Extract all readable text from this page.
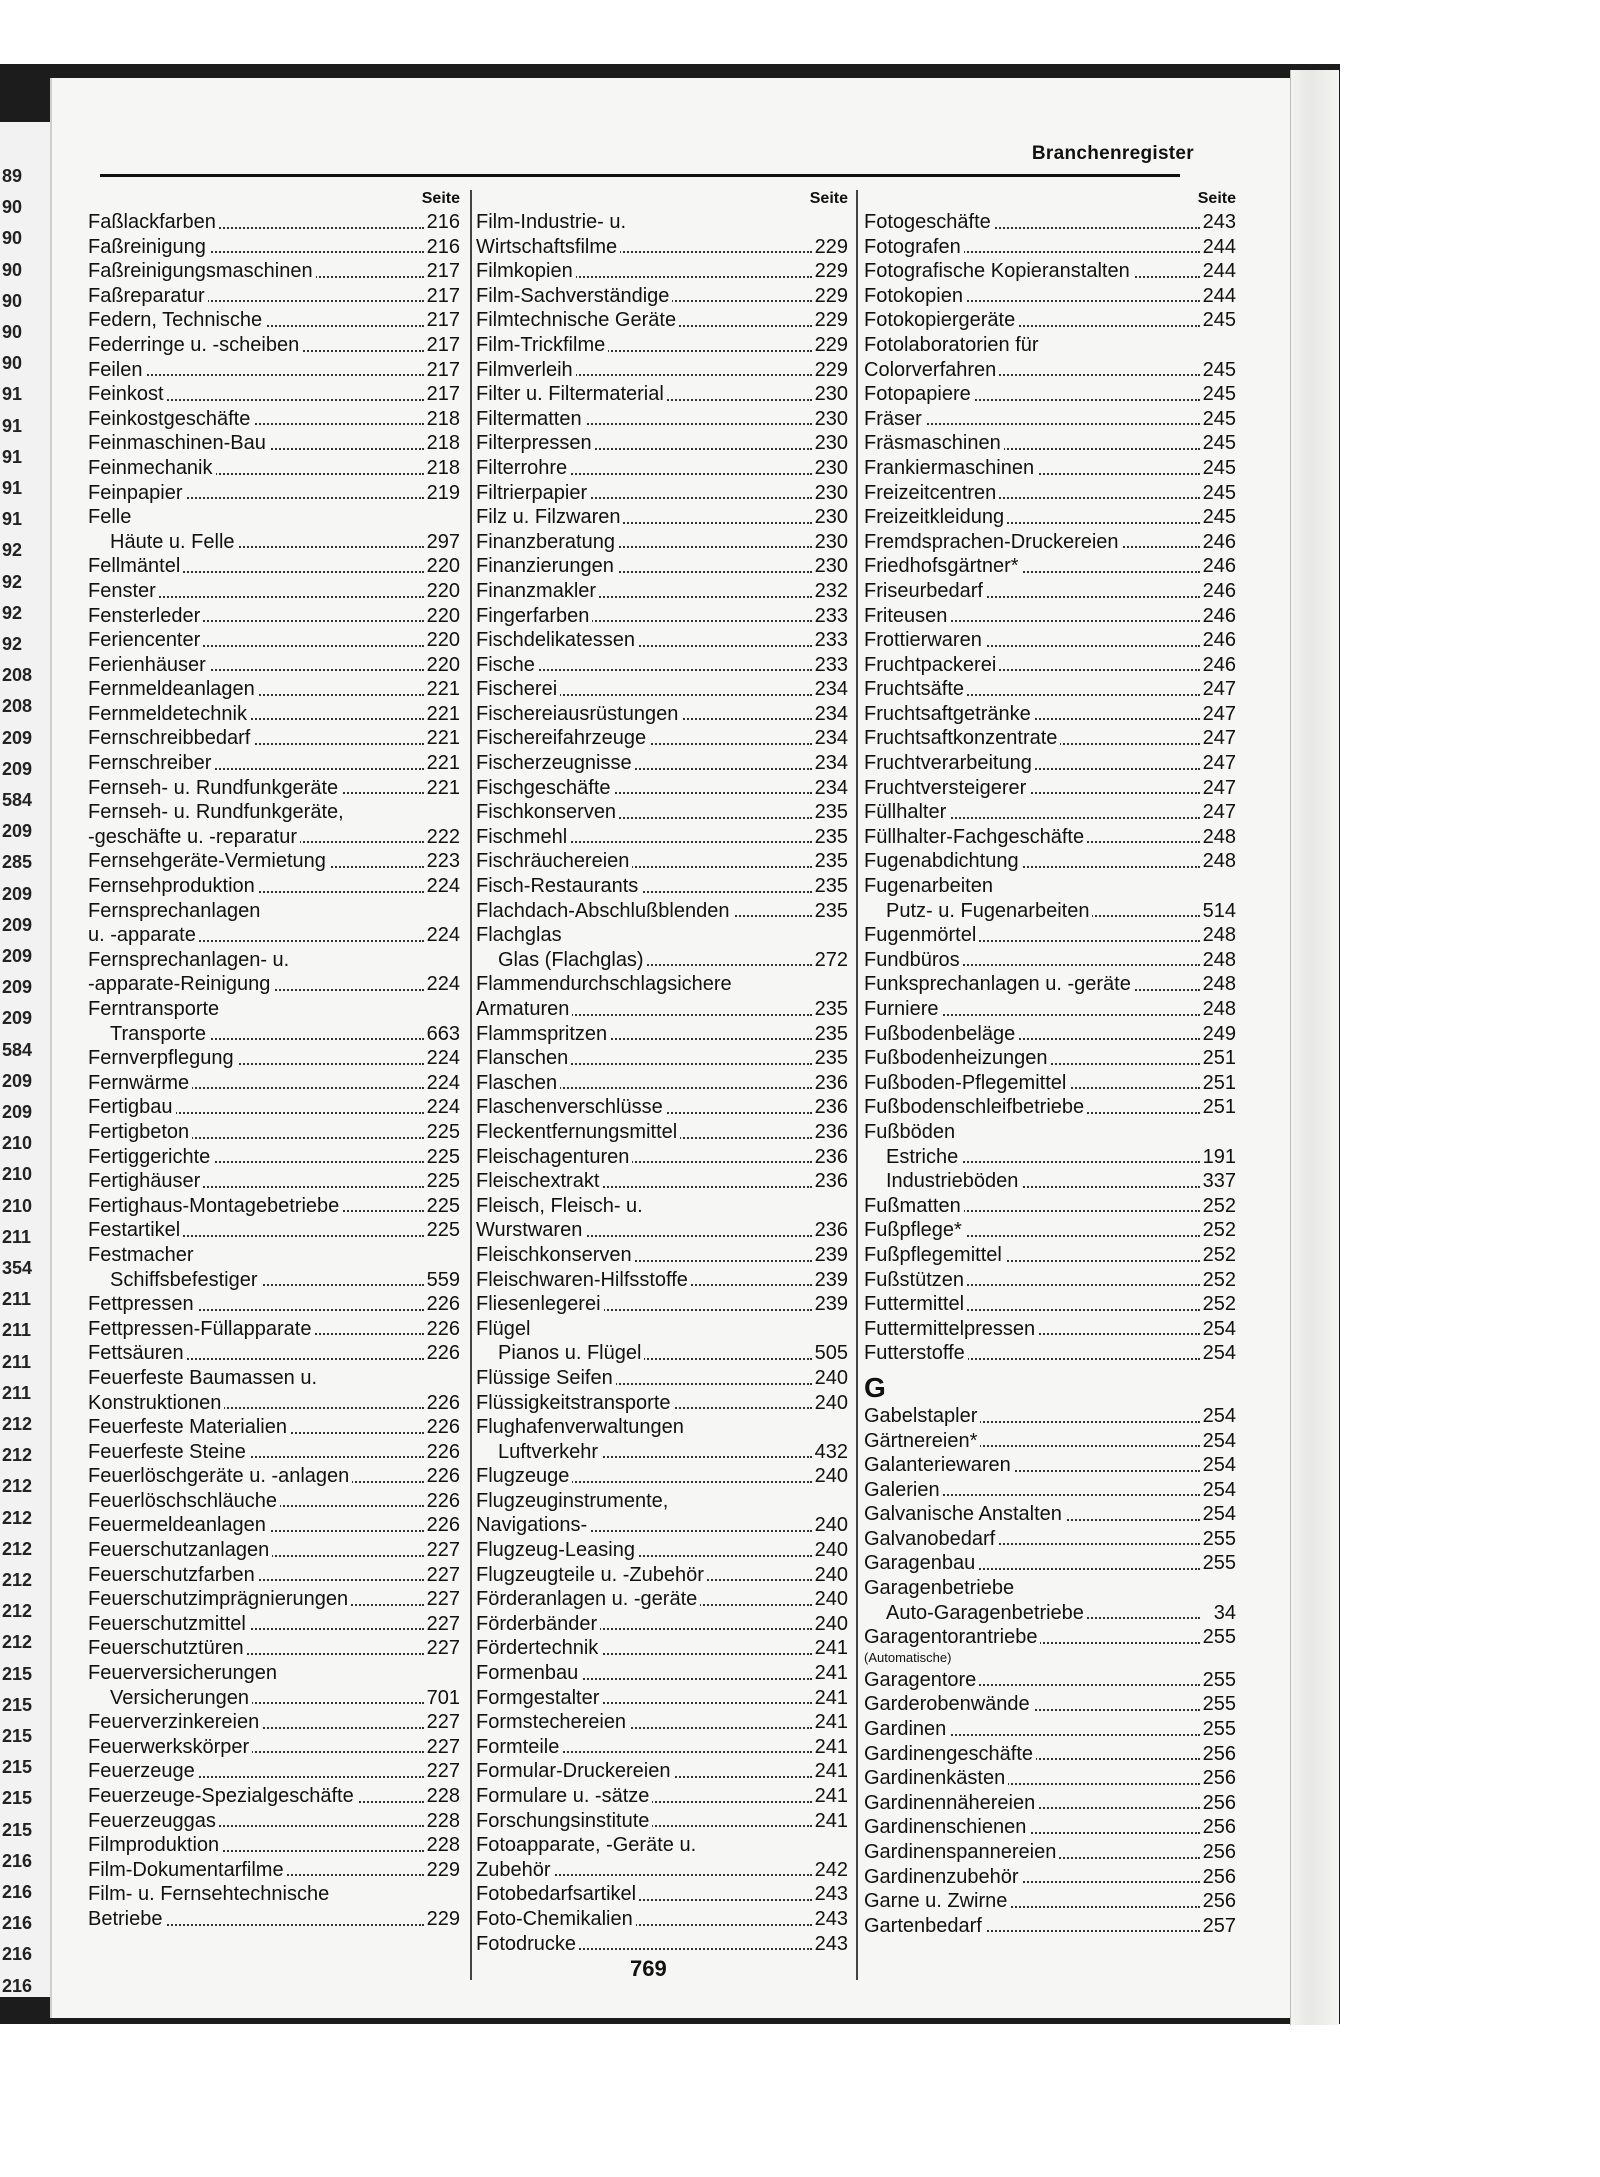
89
90
90
90
90
90
90
91
91
91
91
91
92
92
92
92
208
208
209
209
584
209
285
209
209
209
209
209
584
209
209
210
210
210
211
354
211
211
211
211
212
212
212
212
212
212
212
212
215
215
215
215
215
215
216
216
216
216
216
Branchenregister
Seite
Faßlackfarben	216
Faßreinigung	216
Faßreinigungsmaschinen	217
Faßreparatur	217
Federn, Technische	217
Federringe u. -scheiben	217
Feilen	217
Feinkost	217
Feinkostgeschäfte	218
Feinmaschinen-Bau	218
Feinmechanik	218
Feinpapier	219
Felle
Häute u. Felle	297
Fellmäntel	220
Fenster	220
Fensterleder	220
Feriencenter	220
Ferienhäuser	220
Fernmeldeanlagen	221
Fernmeldetechnik	221
Fernschreibbedarf	221
Fernschreiber	221
Fernseh- u. Rundfunkgeräte	221
Fernseh- u. Rundfunkgeräte,
-geschäfte u. -reparatur	222
Fernsehgeräte-Vermietung	223
Fernsehproduktion	224
Fernsprechanlagen
u. -apparate	224
Fernsprechanlagen- u.
-apparate-Reinigung	224
Ferntransporte
Transporte	663
Fernverpflegung	224
Fernwärme	224
Fertigbau	224
Fertigbeton	225
Fertiggerichte	225
Fertighäuser	225
Fertighaus-Montagebetriebe	225
Festartikel	225
Festmacher
Schiffsbefestiger	559
Fettpressen	226
Fettpressen-Füllapparate	226
Fettsäuren	226
Feuerfeste Baumassen u.
Konstruktionen	226
Feuerfeste Materialien	226
Feuerfeste Steine	226
Feuerlöschgeräte u. -anlagen	226
Feuerlöschschläuche	226
Feuermeldeanlagen	226
Feuerschutzanlagen	227
Feuerschutzfarben	227
Feuerschutzimprägnierungen	227
Feuerschutzmittel	227
Feuerschutztüren	227
Feuerversicherungen
Versicherungen	701
Feuerverzinkereien	227
Feuerwerkskörper	227
Feuerzeuge	227
Feuerzeuge-Spezialgeschäfte	228
Feuerzeuggas	228
Filmproduktion	228
Film-Dokumentarfilme	229
Film- u. Fernsehtechnische
Betriebe	229
Seite
Film-Industrie- u.
Wirtschaftsfilme	229
Filmkopien	229
Film-Sachverständige	229
Filmtechnische Geräte	229
Film-Trickfilme	229
Filmverleih	229
Filter u. Filtermaterial	230
Filtermatten	230
Filterpressen	230
Filterrohre	230
Filtrierpapier	230
Filz u. Filzwaren	230
Finanzberatung	230
Finanzierungen	230
Finanzmakler	232
Fingerfarben	233
Fischdelikatessen	233
Fische	233
Fischerei	234
Fischereiausrüstungen	234
Fischereifahrzeuge	234
Fischerzeugnisse	234
Fischgeschäfte	234
Fischkonserven	235
Fischmehl	235
Fischräuchereien	235
Fisch-Restaurants	235
Flachdach-Abschlußblenden	235
Flachglas
Glas (Flachglas)	272
Flammendurchschlagsichere
Armaturen	235
Flammspritzen	235
Flanschen	235
Flaschen	236
Flaschenverschlüsse	236
Fleckentfernungsmittel	236
Fleischagenturen	236
Fleischextrakt	236
Fleisch, Fleisch- u.
Wurstwaren	236
Fleischkonserven	239
Fleischwaren-Hilfsstoffe	239
Fliesenlegerei	239
Flügel
Pianos u. Flügel	505
Flüssige Seifen	240
Flüssigkeitstransporte	240
Flughafenverwaltungen
Luftverkehr	432
Flugzeuge	240
Flugzeuginstrumente,
Navigations-	240
Flugzeug-Leasing	240
Flugzeugteile u. -Zubehör	240
Förderanlagen u. -geräte	240
Förderbänder	240
Fördertechnik	241
Formenbau	241
Formgestalter	241
Formstechereien	241
Formteile	241
Formular-Druckereien	241
Formulare u. -sätze	241
Forschungsinstitute	241
Fotoapparate, -Geräte u.
Zubehör	242
Fotobedarfsartikel	243
Foto-Chemikalien	243
Fotodrucke	243
Seite
Fotogeschäfte	243
Fotografen	244
Fotografische Kopieranstalten	244
Fotokopien	244
Fotokopiergeräte	245
Fotolaboratorien für
Colorverfahren	245
Fotopapiere	245
Fräser	245
Fräsmaschinen	245
Frankiermaschinen	245
Freizeitcentren	245
Freizeitkleidung	245
Fremdsprachen-Druckereien	246
Friedhofsgärtner*	246
Friseurbedarf	246
Friteusen	246
Frottierwaren	246
Fruchtpackerei	246
Fruchtsäfte	247
Fruchtsaftgetränke	247
Fruchtsaftkonzentrate	247
Fruchtverarbeitung	247
Fruchtversteigerer	247
Füllhalter	247
Füllhalter-Fachgeschäfte	248
Fugenabdichtung	248
Fugenarbeiten
Putz- u. Fugenarbeiten	514
Fugenmörtel	248
Fundbüros	248
Funksprechanlagen u. -geräte	248
Furniere	248
Fußbodenbeläge	249
Fußbodenheizungen	251
Fußboden-Pflegemittel	251
Fußbodenschleifbetriebe	251
Fußböden
Estriche	191
Industrieböden	337
Fußmatten	252
Fußpflege*	252
Fußpflegemittel	252
Fußstützen	252
Futtermittel	252
Futtermittelpressen	254
Futterstoffe	254
G
Gabelstapler	254
Gärtnereien*	254
Galanteriewaren	254
Galerien	254
Galvanische Anstalten	254
Galvanobedarf	255
Garagenbau	255
Garagenbetriebe
Auto-Garagenbetriebe	34
Garagentorantriebe	255
(Automatische)
Garagentore	255
Garderobenwände	255
Gardinen	255
Gardinengeschäfte	256
Gardinenkästen	256
Gardinennähereien	256
Gardinenschienen	256
Gardinenspannereien	256
Gardinenzubehör	256
Garne u. Zwirne	256
Gartenbedarf	257
769
